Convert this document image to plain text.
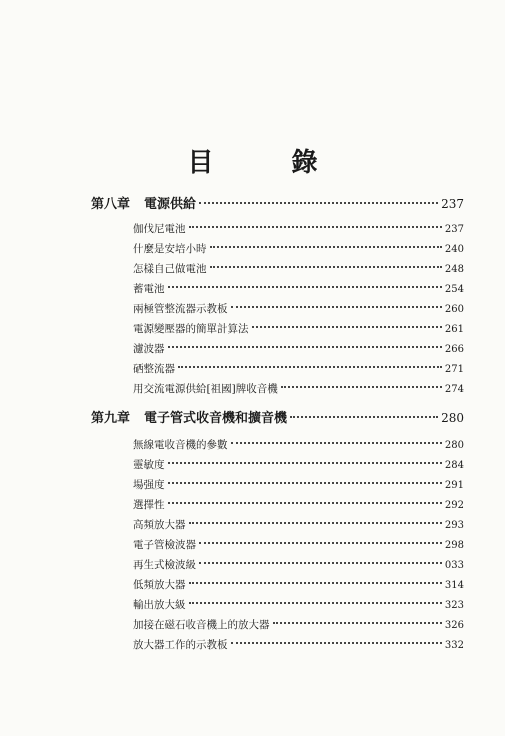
目　　　錄
第八章 電源供給	237
伽伐尼電池	237
什麼是安培小時	240
怎樣自己做電池	248
蓄電池	254
兩極管整流器示教板	260
電源變壓器的簡單計算法	261
濾波器	266
硒整流器	271
用交流電源供給[祖國]牌收音機	274
第九章 電子管式收音機和擴音機	280
無線電收音機的參數	280
靈敏度	284
場强度	291
選擇性	292
高頻放大器	293
電子管檢波器	298
再生式檢波級	033
低頻放大器	314
輸出放大級	323
加接在磁石收音機上的放大器	326
放大器工作的示教板	332
